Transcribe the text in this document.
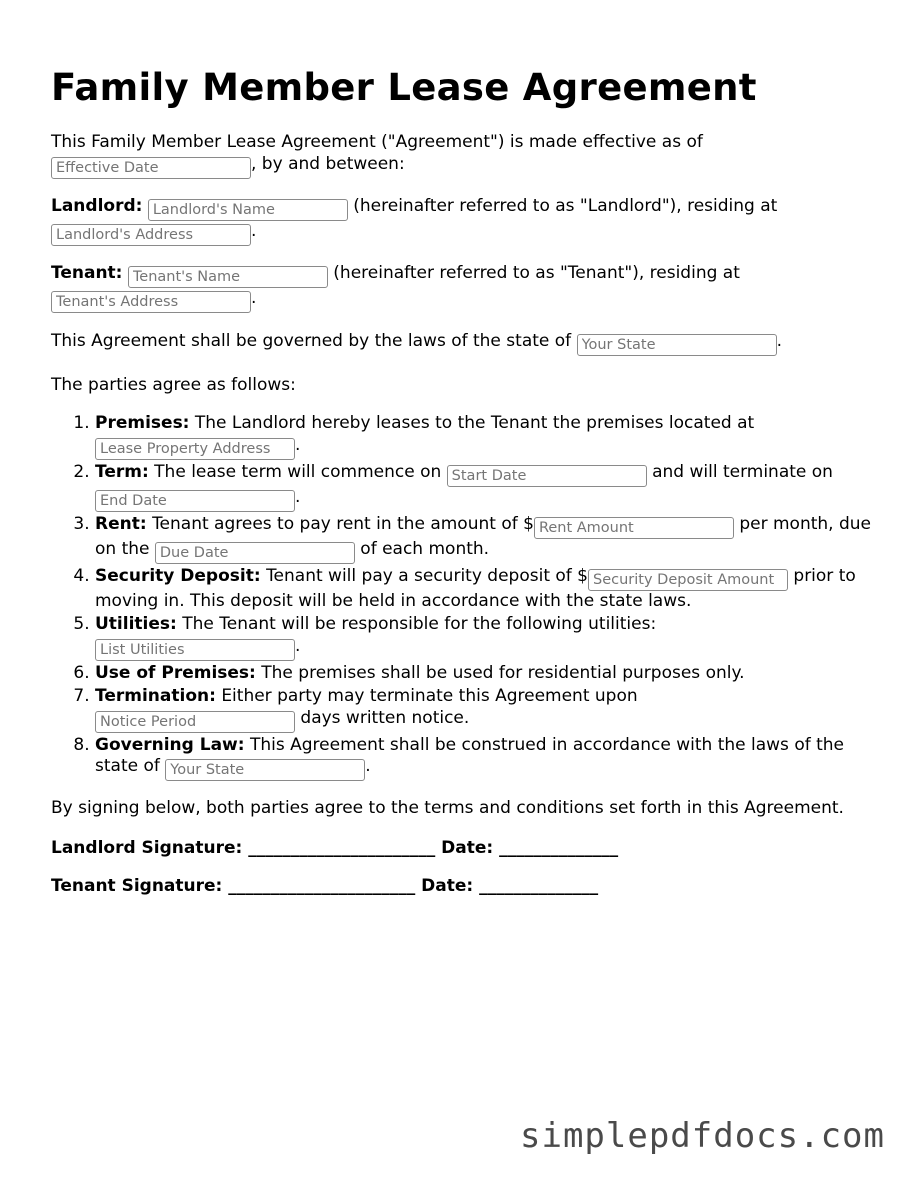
Family Member Lease Agreement

This Family Member Lease Agreement ("Agreement") is made effective as of
Effective Date, by and between:

Landlord: Landlord's Name	(hereinafter referred to as "Landlord"), residing at
Landlord's Address .

Tenant: Tenant's Name	(hereinafter referred to as "Tenant"), residing at
Tenant's Address .

This Agreement shall be governed by the laws of the state of Your State	.

The parties agree as follows:

1. Premises: The Landlord hereby leases to the Tenant the premises located at
Lease Property Address .
2. Term: The lease term will commence on Start Date	and will terminate on
End Date .
3. Rent: Tenant agrees to pay rent in the amount of $Rent Amount	per month, due on the Due Date	of each month.
4. Security Deposit: Tenant will pay a security deposit of $Security Deposit Amount	prior to moving in. This deposit will be held in accordance with the state laws.
5. Utilities: The Tenant will be responsible for the following utilities:
List Utilities .
6. Use of Premises: The premises shall be used for residential purposes only.
7. Termination: Either party may terminate this Agreement upon
Notice Period days written notice.
8. Governing Law: This Agreement shall be construed in accordance with the laws of the state of Your State	.

By signing below, both parties agree to the terms and conditions set forth in this Agreement.

Landlord Signature: ______________________ Date: ______________
Tenant Signature: ______________________ Date: ______________
simplepdfdocs.com
